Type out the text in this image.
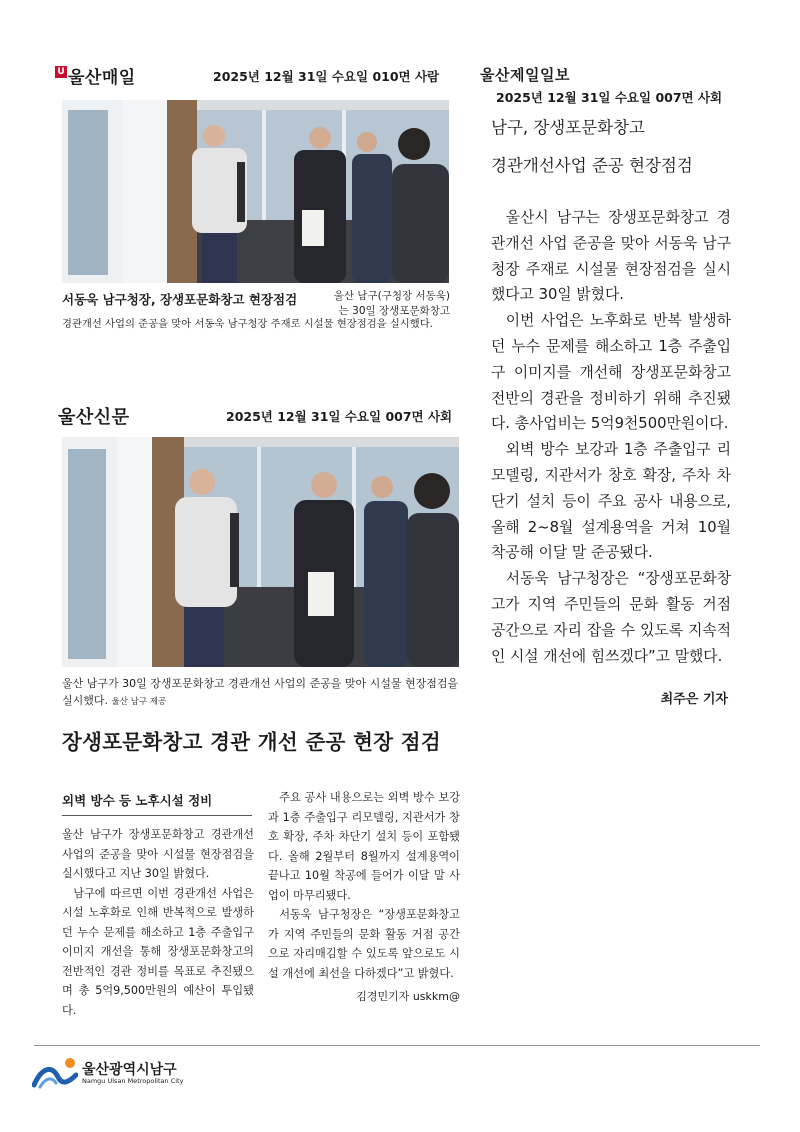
U 울산매일	2025년 12월 31일 수요일 010면 사람
서동욱 남구청장, 장생포문화창고 현장점검	울산 남구(구청장 서동욱)는 30일 장생포문화창고
경관개선 사업의 준공을 맞아 서동욱 남구청장 주재로 시설물 현장점검을 실시했다.
울산신문	2025년 12월 31일 수요일 007면 사회
울산 남구가 30일 장생포문화창고 경관개선 사업의 준공을 맞아 시설물 현장점검을 실시했다. 울산 남구 제공
장생포문화창고 경관 개선 준공 현장 점검
외벽 방수 등 노후시설 정비

울산 남구가 장생포문화창고 경관개선 사업의 준공을 맞아 시설물 현장점검을 실시했다고 지난 30일 밝혔다.

남구에 따르면 이번 경관개선 사업은 시설 노후화로 인해 반복적으로 발생하던 누수 문제를 해소하고 1층 주출입구 이미지 개선을 통해 장생포문화창고의 전반적인 경관 정비를 목표로 추진됐으며 총 5억9,500만원의 예산이 투입됐다.

주요 공사 내용으로는 외벽 방수 보강과 1층 주출입구 리모델링, 지관서가 창호 확장, 주차 차단기 설치 등이 포함됐다. 올해 2월부터 8월까지 설계용역이 끝나고 10월 착공에 들어가 이달 말 사업이 마무리됐다.

서동욱 남구청장은 “장생포문화창고가 지역 주민들의 문화 활동 거점 공간으로 자리매김할 수 있도록 앞으로도 시설 개선에 최선을 다하겠다”고 밝혔다.

김경민기자 uskkm@
울산제일일보
2025년 12월 31일 수요일 007면 사회
남구, 장생포문화창고
경관개선사업 준공 현장점검

울산시 남구는 장생포문화창고 경관개선 사업 준공을 맞아 서동욱 남구청장 주재로 시설물 현장점검을 실시했다고 30일 밝혔다.

이번 사업은 노후화로 반복 발생하던 누수 문제를 해소하고 1층 주출입구 이미지를 개선해 장생포문화창고 전반의 경관을 정비하기 위해 추진됐다. 총사업비는 5억9천500만원이다.

외벽 방수 보강과 1층 주출입구 리모델링, 지관서가 창호 확장, 주차 차단기 설치 등이 주요 공사 내용으로, 올해 2~8월 설계용역을 거쳐 10월 착공해 이달 말 준공됐다.

서동욱 남구청장은 “장생포문화창고가 지역 주민들의 문화 활동 거점 공간으로 자리 잡을 수 있도록 지속적인 시설 개선에 힘쓰겠다”고 말했다.

최주은 기자
울산광역시남구
Namgu Ulsan Metropolitan City
